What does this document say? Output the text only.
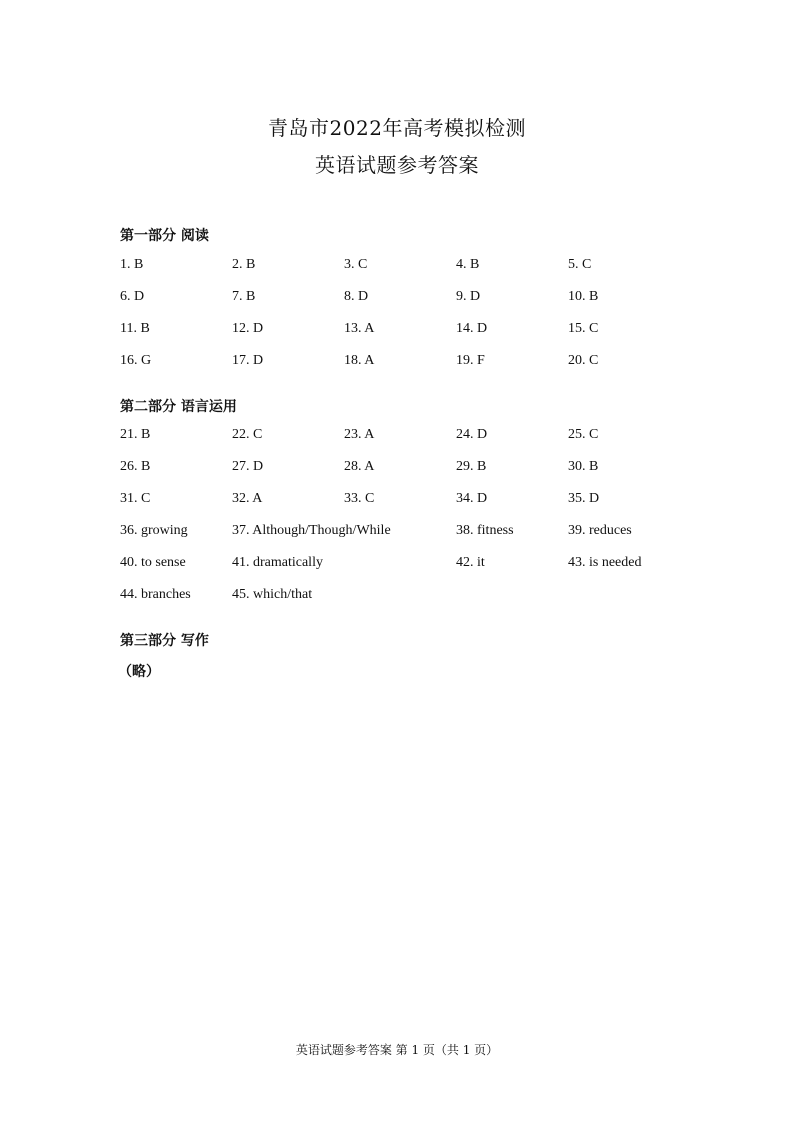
青岛市2022年高考模拟检测
英语试题参考答案
第一部分 阅读
1. B	2. B	3. C	4. B	5. C
6. D	7. B	8. D	9. D	10. B
11. B	12. D	13. A	14. D	15. C
16. G	17. D	18. A	19. F	20. C
第二部分 语言运用
21. B	22. C	23. A	24. D	25. C
26. B	27. D	28. A	29. B	30. B
31. C	32. A	33. C	34. D	35. D
36. growing	37. Although/Though/While	38. fitness	39. reduces
40. to sense	41. dramatically	42. it	43. is needed
44. branches	45. which/that
第三部分 写作
（略）
英语试题参考答案 第 1 页（共 1 页）
